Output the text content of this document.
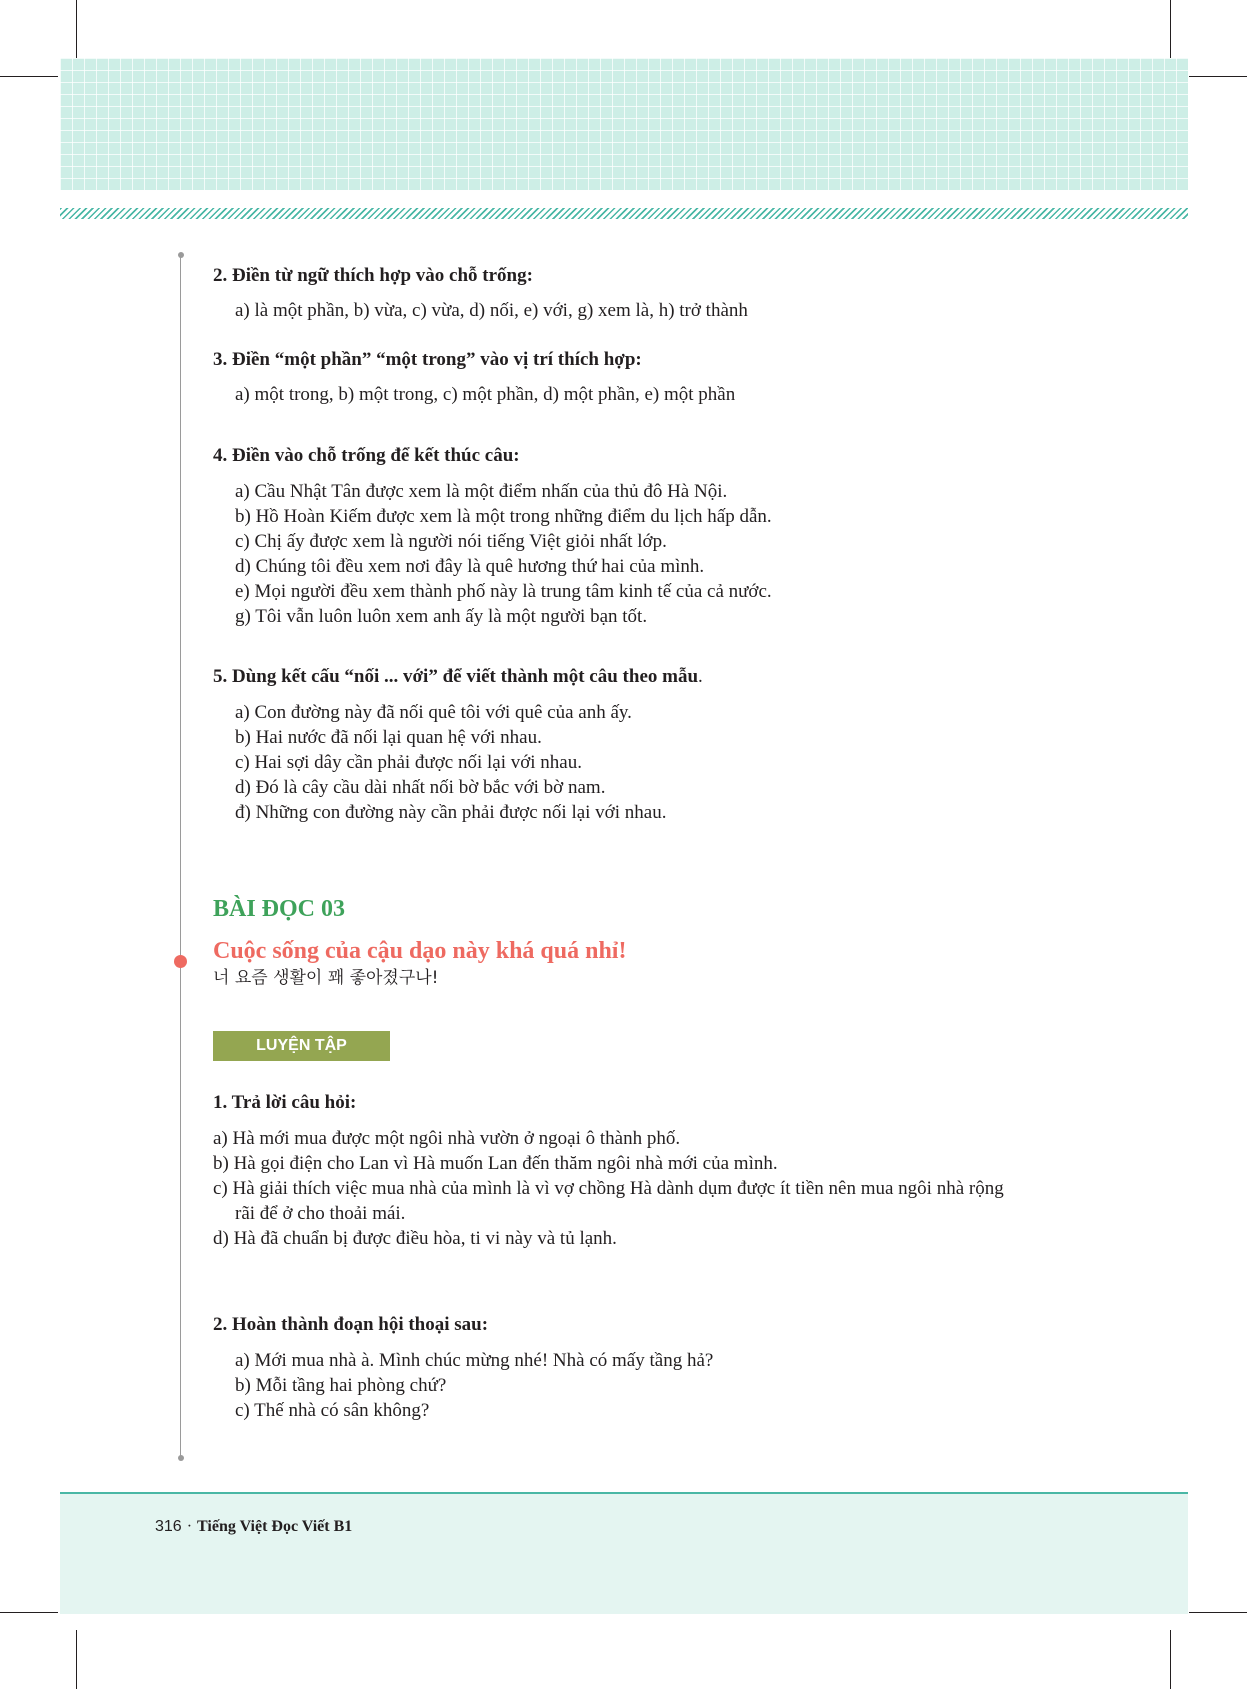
2. Điền từ ngữ thích hợp vào chỗ trống:

a) là một phần, b) vừa, c) vừa, d) nối, e) với, g) xem là, h) trở thành

3. Điền “một phần” “một trong” vào vị trí thích hợp:

a) một trong, b) một trong, c) một phần, d) một phần, e) một phần

4. Điền vào chỗ trống để kết thúc câu:

a) Cầu Nhật Tân được xem là một điểm nhấn của thủ đô Hà Nội.
b) Hồ Hoàn Kiếm được xem là một trong những điểm du lịch hấp dẫn.
c) Chị ấy được xem là người nói tiếng Việt giỏi nhất lớp.
d) Chúng tôi đều xem nơi đây là quê hương thứ hai của mình.
e) Mọi người đều xem thành phố này là trung tâm kinh tế của cả nước.
g) Tôi vẫn luôn luôn xem anh ấy là một người bạn tốt.

5. Dùng kết cấu “nối ... với” để viết thành một câu theo mẫu.

a) Con đường này đã nối quê tôi với quê của anh ấy.
b) Hai nước đã nối lại quan hệ với nhau.
c) Hai sợi dây cần phải được nối lại với nhau.
d) Đó là cây cầu dài nhất nối bờ bắc với bờ nam.
đ) Những con đường này cần phải được nối lại với nhau.

BÀI ĐỌC 03

Cuộc sống của cậu dạo này khá quá nhỉ!

너 요즘 생활이 꽤 좋아졌구나!

LUYỆN TẬP

1. Trả lời câu hỏi:

a) Hà mới mua được một ngôi nhà vườn ở ngoại ô thành phố.
b) Hà gọi điện cho Lan vì Hà muốn Lan đến thăm ngôi nhà mới của mình.
c) Hà giải thích việc mua nhà của mình là vì vợ chồng Hà dành dụm được ít tiền nên mua ngôi nhà rộng rãi để ở cho thoải mái.
d) Hà đã chuẩn bị được điều hòa, ti vi này và tủ lạnh.

2. Hoàn thành đoạn hội thoại sau:

a) Mới mua nhà à. Mình chúc mừng nhé! Nhà có mấy tầng hả?
b) Mỗi tầng hai phòng chứ?
c) Thế nhà có sân không?
316 · Tiếng Việt Đọc Viết B1
